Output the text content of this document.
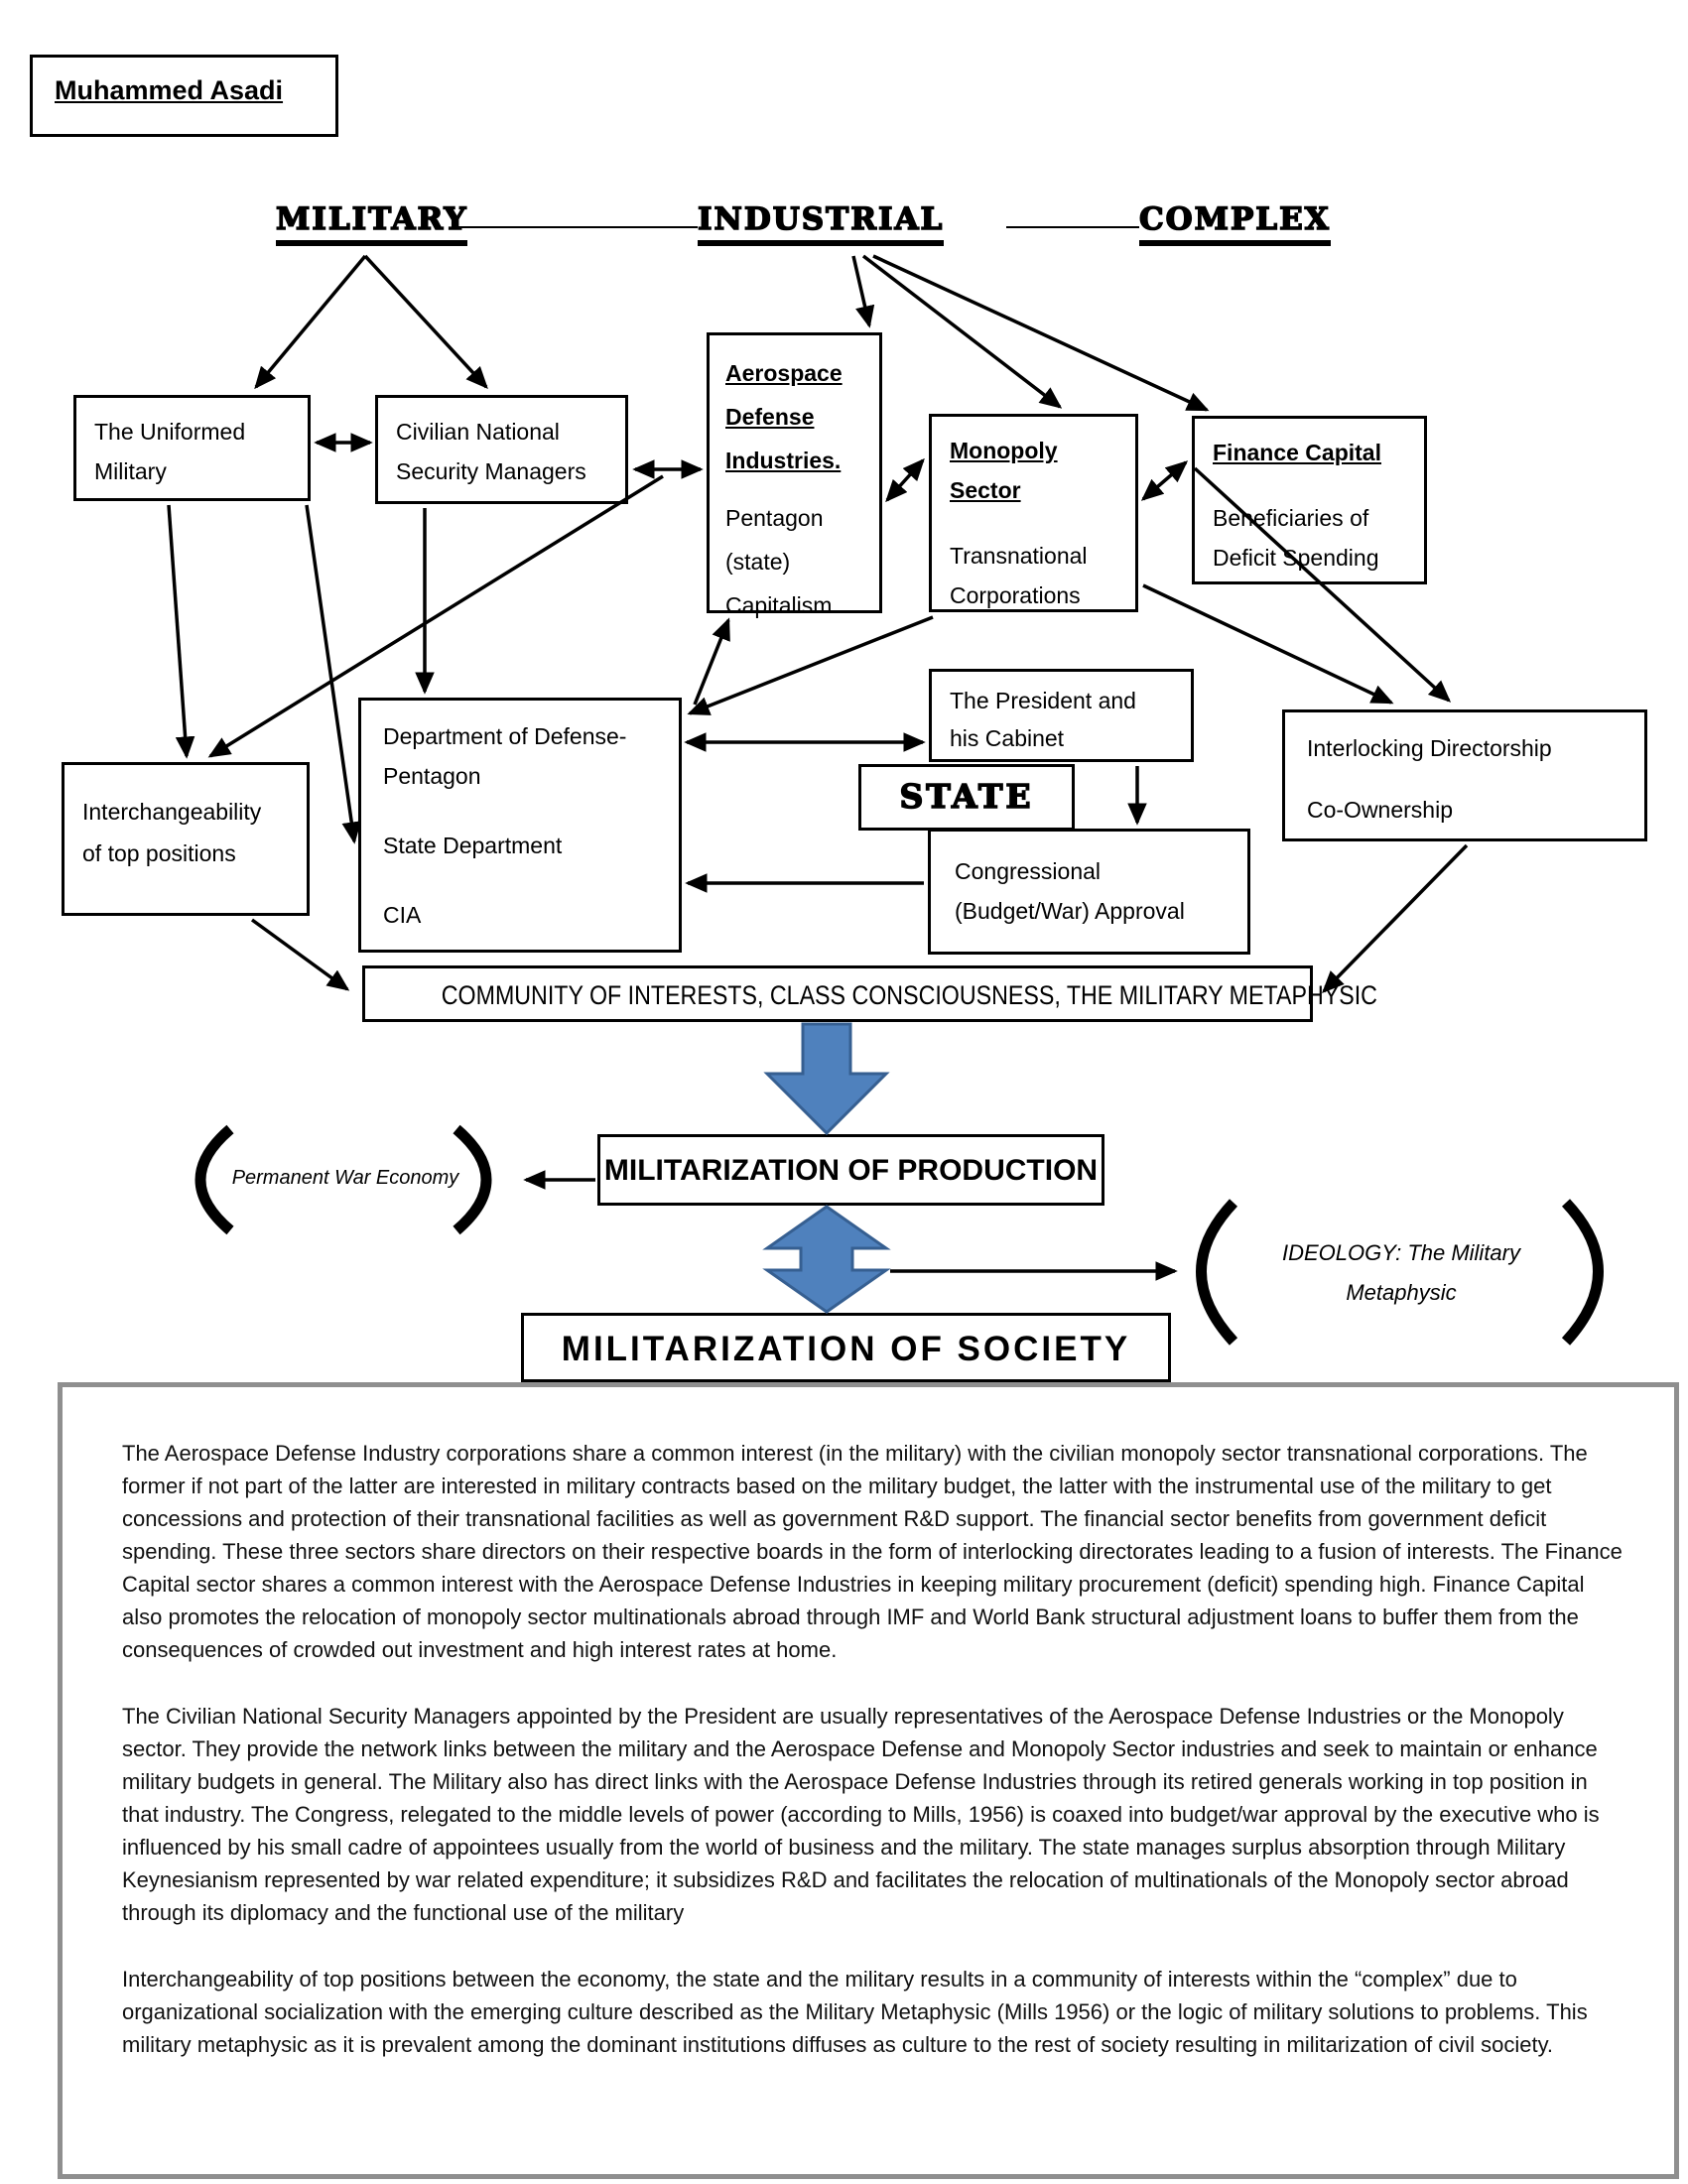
Muhammed Asadi
MILITARY	INDUSTRIAL	COMPLEX
The Uniformed
Military
Civilian National
Security Managers
Aerospace
Defense
Industries.
Pentagon
(state)
Capitalism
Monopoly
Sector
Transnational
Corporations
Finance Capital
Beneficiaries of
Deficit Spending
Department of Defense-
Pentagon
State Department
CIA
The President and
his Cabinet
STATE
Congressional
(Budget/War) Approval
Interlocking Directorship
Co-Ownership
Interchangeability
of top positions
COMMUNITY OF INTERESTS, CLASS CONSCIOUSNESS, THE MILITARY METAPHYSIC
MILITARIZATION OF PRODUCTION
MILITARIZATION OF SOCIETY
Permanent War Economy
IDEOLOGY: The Military
Metaphysic

The Aerospace Defense Industry corporations share a common interest (in the military) with the civilian monopoly sector transnational corporations. The former if not part of the latter are interested in military contracts based on the military budget, the latter with the instrumental use of the military to get concessions and protection of their transnational facilities as well as government R&D support. The financial sector benefits from government deficit spending. These three sectors share directors on their respective boards in the form of interlocking directorates leading to a fusion of interests. The Finance Capital sector shares a common interest with the Aerospace Defense Industries in keeping military procurement (deficit) spending high. Finance Capital also promotes the relocation of monopoly sector multinationals abroad through IMF and World Bank structural adjustment loans to buffer them from the consequences of crowded out investment and high interest rates at home.

The Civilian National Security Managers appointed by the President are usually representatives of the Aerospace Defense Industries or the Monopoly sector. They provide the network links between the military and the Aerospace Defense and Monopoly Sector industries and seek to maintain or enhance military budgets in general. The Military also has direct links with the Aerospace Defense Industries through its retired generals working in top position in that industry. The Congress, relegated to the middle levels of power (according to Mills, 1956) is coaxed into budget/war approval by the executive who is influenced by his small cadre of appointees usually from the world of business and the military. The state manages surplus absorption through Military Keynesianism represented by war related expenditure; it subsidizes R&D and facilitates the relocation of multinationals of the Monopoly sector abroad through its diplomacy and the functional use of the military

Interchangeability of top positions between the economy, the state and the military results in a community of interests within the “complex” due to organizational socialization with the emerging culture described as the Military Metaphysic (Mills 1956) or the logic of military solutions to problems. This military metaphysic as it is prevalent among the dominant institutions diffuses as culture to the rest of society resulting in militarization of civil society.
